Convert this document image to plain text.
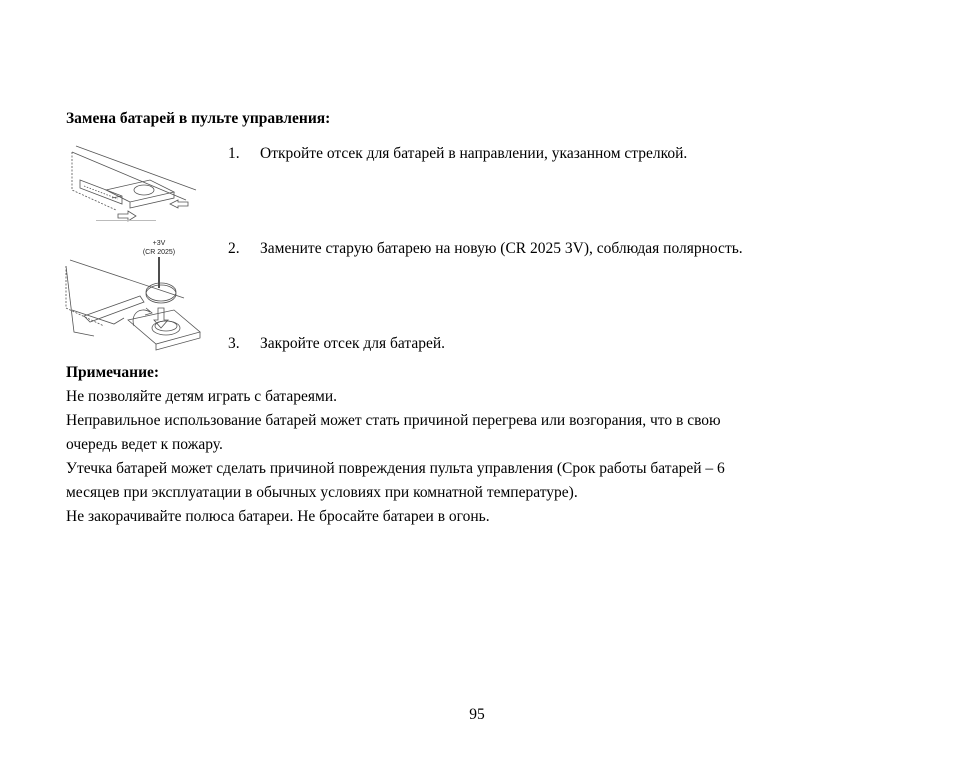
Замена батарей в пульте управления:
+3V
(CR 2025)
1. Откройте отсек для батарей в направлении, указанном стрелкой.
2. Замените старую батарею на новую (CR 2025 3V), соблюдая полярность.
3. Закройте отсек для батарей.
Примечание:
Не позволяйте детям играть с батареями.
Неправильное использование батарей может стать причиной перегрева или возгорания, что в свою
очередь ведет к пожару.
Утечка батарей может сделать причиной повреждения пульта управления (Срок работы батарей – 6
месяцев при эксплуатации в обычных условиях при комнатной температуре).
Не закорачивайте полюса батареи. Не бросайте батареи в огонь.
95
